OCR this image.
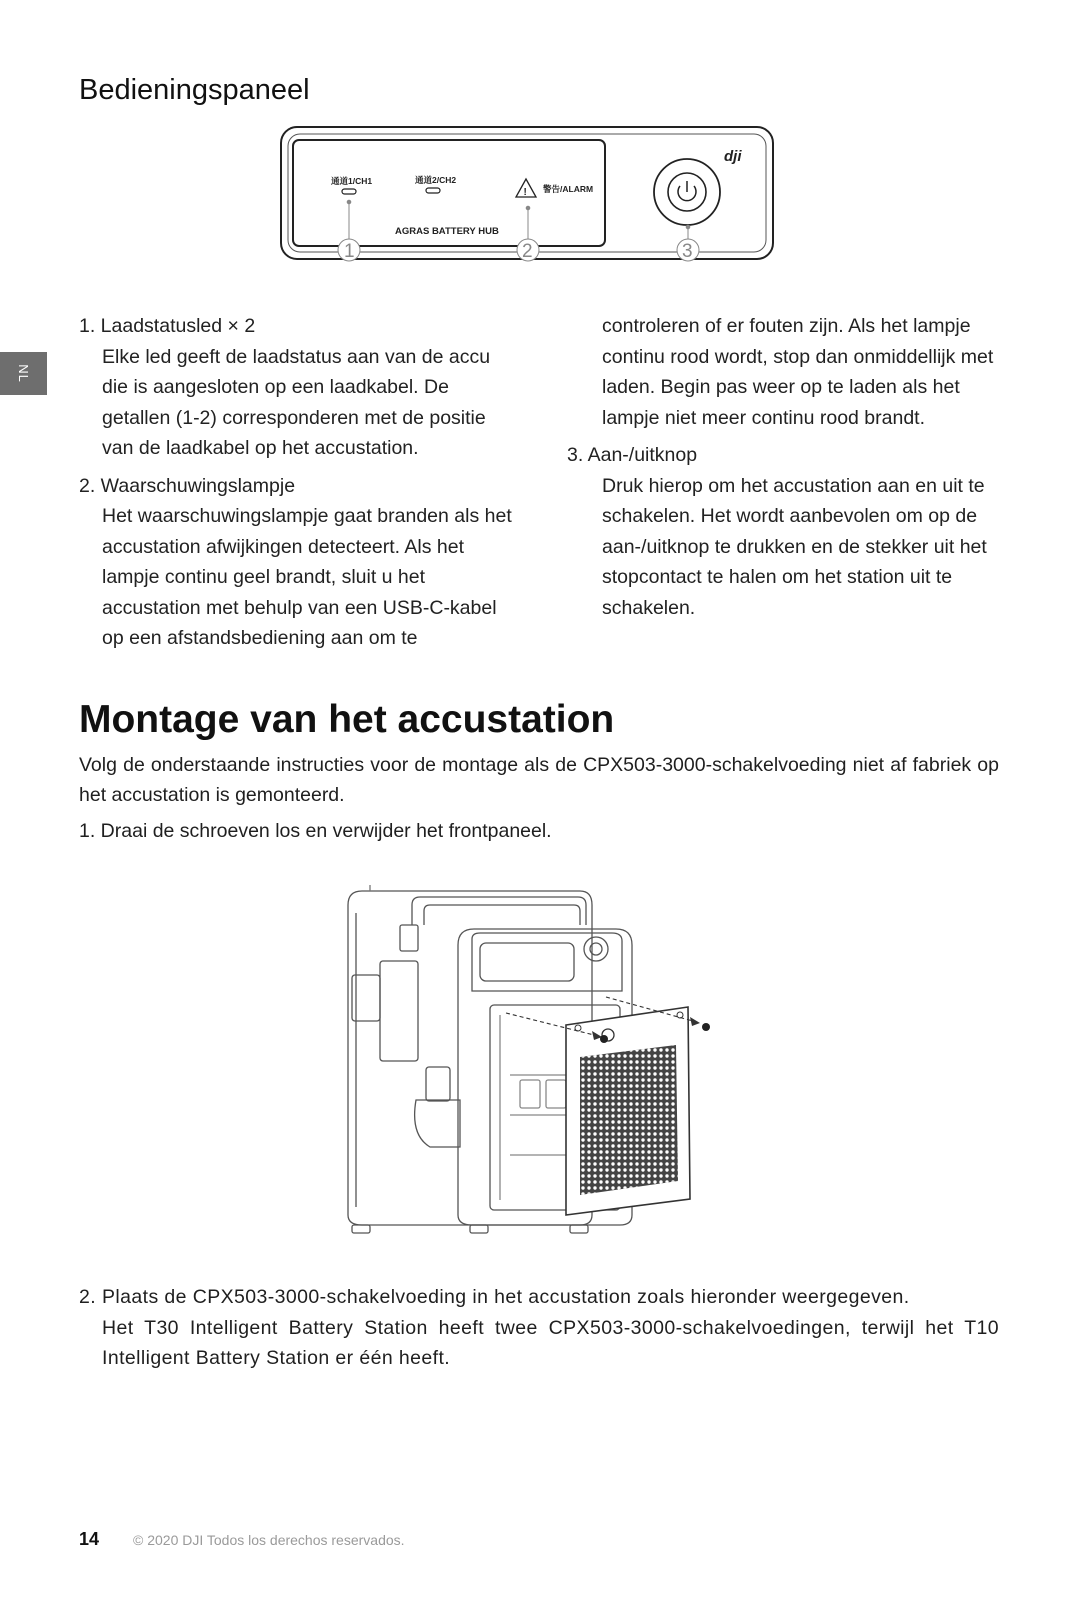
NL
Bedieningspaneel
通道1/CH1	通道2/CH2
! 警告/ALARM
AGRAS BATTERY HUB
dji
1	2	3

1. Laadstatusled × 2

Elke led geeft de laadstatus aan van de accu die is aangesloten op een laadkabel. De getallen (1-2) corresponderen met de positie van de laadkabel op het accustation.

2. Waarschuwingslampje

Het waarschuwingslampje gaat branden als het accustation afwijkingen detecteert. Als het lampje continu geel brandt, sluit u het accustation met behulp van een USB-C-kabel op een afstandsbediening aan om te

controleren of er fouten zijn. Als het lampje continu rood wordt, stop dan onmiddellijk met laden. Begin pas weer op te laden als het lampje niet meer continu rood brandt.

3. Aan-/uitknop

Druk hierop om het accustation aan en uit te schakelen. Het wordt aanbevolen om op de aan-/uitknop te drukken en de stekker uit het stopcontact te halen om het station uit te schakelen.

Montage van het accustation

Volg de onderstaande instructies voor de montage als de CPX503-3000-schakelvoeding niet af fabriek op het accustation is gemonteerd.

1. Draai de schroeven los en verwijder het frontpaneel.

2. Plaats de CPX503-3000-schakelvoeding in het accustation zoals hieronder weergegeven.
Het T30 Intelligent Battery Station heeft twee CPX503-3000-schakelvoedingen, terwijl het T10 Intelligent Battery Station er één heeft.

14 © 2020 DJI Todos los derechos reservados.
